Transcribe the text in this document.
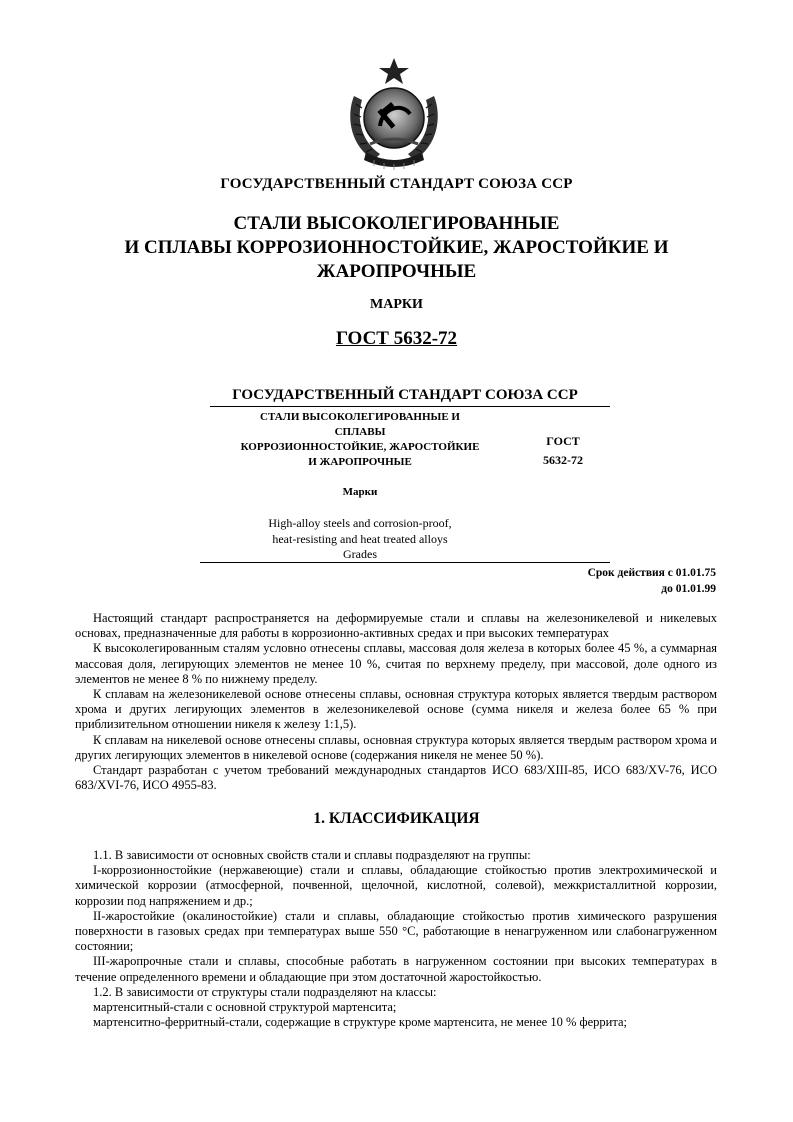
ГОСУДАРСТВЕННЫЙ СТАНДАРТ СОЮЗА ССР
СТАЛИ ВЫСОКОЛЕГИРОВАННЫЕ
И СПЛАВЫ КОРРОЗИОННОСТОЙКИЕ, ЖАРОСТОЙКИЕ И
ЖАРОПРОЧНЫЕ
МАРКИ
ГОСТ 5632-72
ГОСУДАРСТВЕННЫЙ СТАНДАРТ СОЮЗА ССР
СТАЛИ ВЫСОКОЛЕГИРОВАННЫЕ И
СПЛАВЫ
КОРРОЗИОННОСТОЙКИЕ, ЖАРОСТОЙКИЕ
И ЖАРОПРОЧНЫЕ
ГОСТ
5632-72
Марки
High-alloy steels and corrosion-proof,
heat-resisting and heat treated alloys
Grades
Срок действия с 01.01.75
до 01.01.99

Настоящий стандарт распространяется на деформируемые стали и сплавы на железоникелевой и никелевых основах, предназначенные для работы в коррозионно-активных средах и при высоких температурах

К высоколегированным сталям условно отнесены сплавы, массовая доля железа в которых более 45 %, а суммарная массовая доля, легирующих элементов не менее 10 %, считая по верхнему пределу, при массовой, доле одного из элементов не менее 8 % по нижнему пределу.

К сплавам на железоникелевой основе отнесены сплавы, основная структура которых является твердым раствором хрома и других легирующих элементов в железоникелевой основе (сумма никеля и железа более 65 % при приблизительном отношении никеля к железу 1:1,5).

К сплавам на никелевой основе отнесены сплавы, основная структура которых является твердым раствором хрома и других легирующих элементов в никелевой основе (содержания никеля не менее 50 %).

Стандарт разработан с учетом требований международных стандартов ИСО 683/XIII-85, ИСО 683/XV-76, ИСО 683/XVI-76, ИСО 4955-83.

1. КЛАССИФИКАЦИЯ

1.1. В зависимости от основных свойств стали и сплавы подразделяют на группы:

I-коррозионностойкие (нержавеющие) стали и сплавы, обладающие стойкостью против электрохимической и химической коррозии (атмосферной, почвенной, щелочной, кислотной, солевой), межкристаллитной коррозии, коррозии под напряжением и др.;

II-жаростойкие (окалиностойкие) стали и сплавы, обладающие стойкостью против химического разрушения поверхности в газовых средах при температурах выше 550 °С, работающие в ненагруженном или слабонагруженном состоянии;

III-жаропрочные стали и сплавы, способные работать в нагруженном состоянии при высоких температурах в течение определенного времени и обладающие при этом достаточной жаростойкостью.

1.2. В зависимости от структуры стали подразделяют на классы:

мартенситный-стали с основной структурой мартенсита;

мартенситно-ферритный-стали, содержащие в структуре кроме мартенсита, не менее 10 % феррита;
